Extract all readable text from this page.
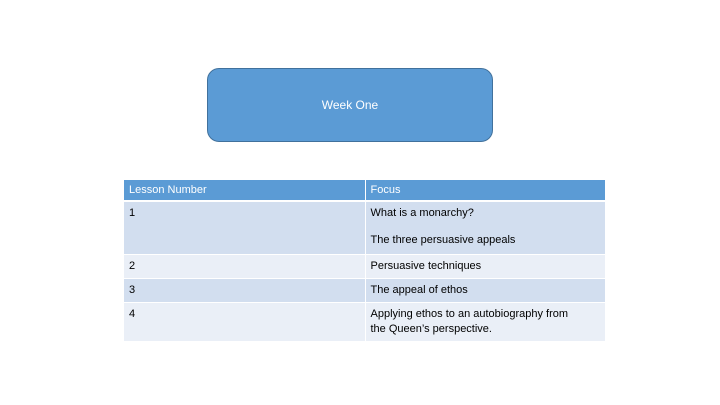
Week One
Lesson Number	Focus
1	What is a monarchy?
The three persuasive appeals

2	Persuasive techniques

3	The appeal of ethos

4	Applying ethos to an autobiography from
the Queen’s perspective.
